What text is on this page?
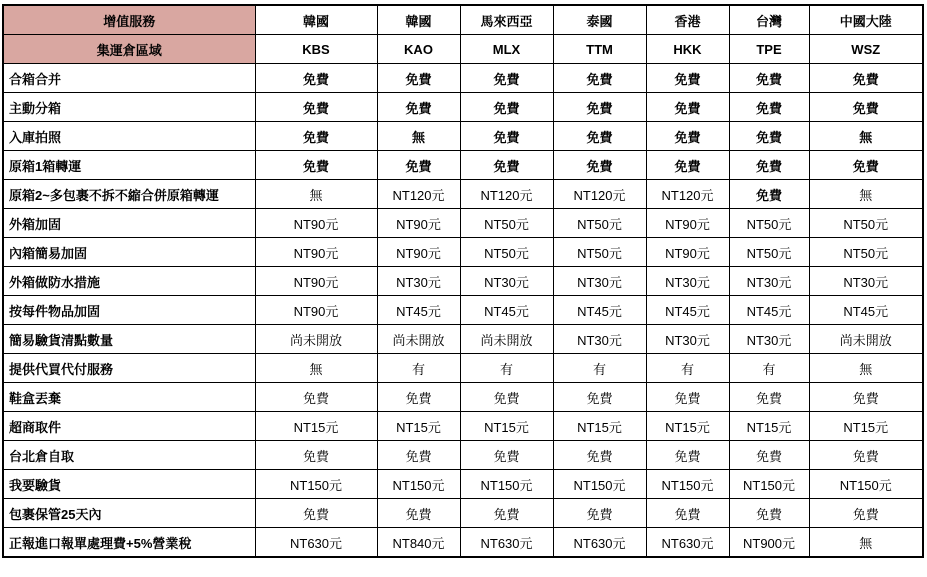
增值服務	韓國	韓國	馬來西亞	泰國	香港	台灣	中國大陸
集運倉區域	KBS	KAO	MLX	TTM	HKK	TPE	WSZ
合箱合并	免費	免費	免費	免費	免費	免費	免費
主動分箱	免費	免費	免費	免費	免費	免費	免費
入庫拍照	免費	無	免費	免費	免費	免費	無
原箱1箱轉運	免費	免費	免費	免費	免費	免費	免費
原箱2~多包裹不拆不縮合併原箱轉運	無	NT120元	NT120元	NT120元	NT120元	免費	無
外箱加固	NT90元	NT90元	NT50元	NT50元	NT90元	NT50元	NT50元
內箱簡易加固	NT90元	NT90元	NT50元	NT50元	NT90元	NT50元	NT50元
外箱做防水措施	NT90元	NT30元	NT30元	NT30元	NT30元	NT30元	NT30元
按每件物品加固	NT90元	NT45元	NT45元	NT45元	NT45元	NT45元	NT45元
簡易驗貨清點數量	尚未開放	尚未開放	尚未開放	NT30元	NT30元	NT30元	尚未開放
提供代買代付服務	無	有	有	有	有	有	無
鞋盒丟棄	免費	免費	免費	免費	免費	免費	免費
超商取件	NT15元	NT15元	NT15元	NT15元	NT15元	NT15元	NT15元
台北倉自取	免費	免費	免費	免費	免費	免費	免費
我要驗貨	NT150元	NT150元	NT150元	NT150元	NT150元	NT150元	NT150元
包裹保管25天內	免費	免費	免費	免費	免費	免費	免費
正報進口報單處理費+5%營業稅	NT630元	NT840元	NT630元	NT630元	NT630元	NT900元	無
